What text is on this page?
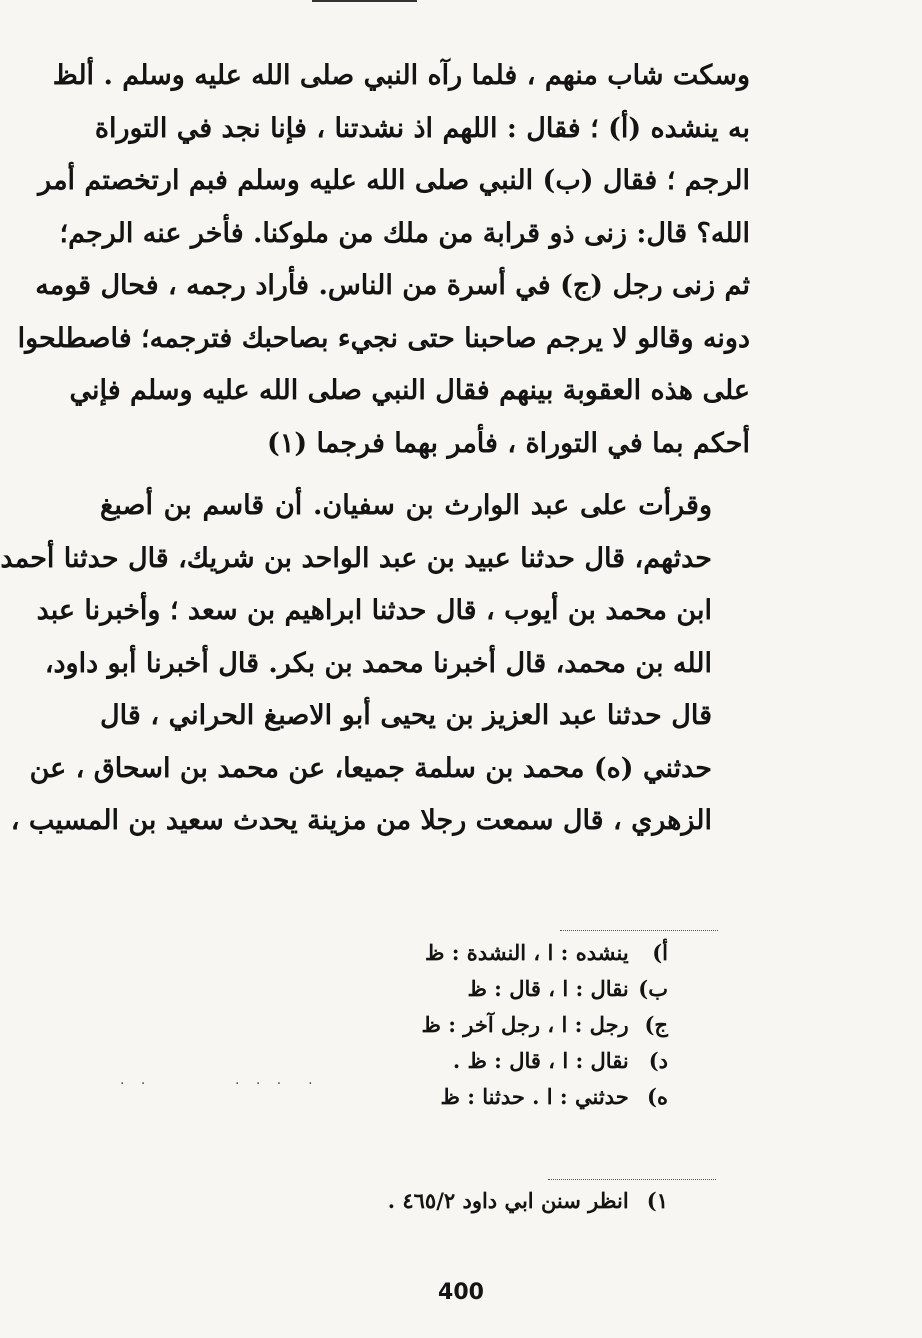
وسكت شاب منهم ، فلما رآه النبي صلى الله عليه وسلم . ألظ
به ينشده (أ) ؛ فقال : اللهم اذ نشدتنا ، فإنا نجد في التوراة
الرجم ؛ فقال (ب) النبي صلى الله عليه وسلم فبم ارتخصتم أمر
الله؟ قال: زنى ذو قرابة من ملك من ملوكنا. فأخر عنه الرجم؛
ثم زنى رجل (ج) في أسرة من الناس. فأراد رجمه ، فحال قومه
دونه وقالو لا يرجم صاحبنا حتى نجيء بصاحبك فترجمه؛ فاصطلحوا
على هذه العقوبة بينهم فقال النبي صلى الله عليه وسلم فإني
أحكم بما في التوراة ، فأمر بهما فرجما (١)

وقرأت على عبد الوارث بن سفيان. أن قاسم بن أصبغ
حدثهم، قال حدثنا عبيد بن عبد الواحد بن شريك، قال حدثنا أحمد
ابن محمد بن أيوب ، قال حدثنا ابراهيم بن سعد ؛ وأخبرنا عبد
الله بن محمد، قال أخبرنا محمد بن بكر. قال أخبرنا أبو داود،
قال حدثنا عبد العزيز بن يحيى أبو الاصبغ الحراني ، قال
حدثني (ه) محمد بن سلمة جميعا، عن محمد بن اسحاق ، عن
الزهري ، قال سمعت رجلا من مزينة يحدث سعيد بن المسيب ،

أ) ينشده : ا ، النشدة : ظ
ب) نقال : ا ، قال : ظ
ج) رجل : ا ، رجل آخر : ظ
د) نقال : ا ، قال : ظ .
ه) حدثني : ا . حدثنا : ظ
· ·        · · ·  ·
١) انظر سنن ابي داود ٤٦٥/٢ .
400
